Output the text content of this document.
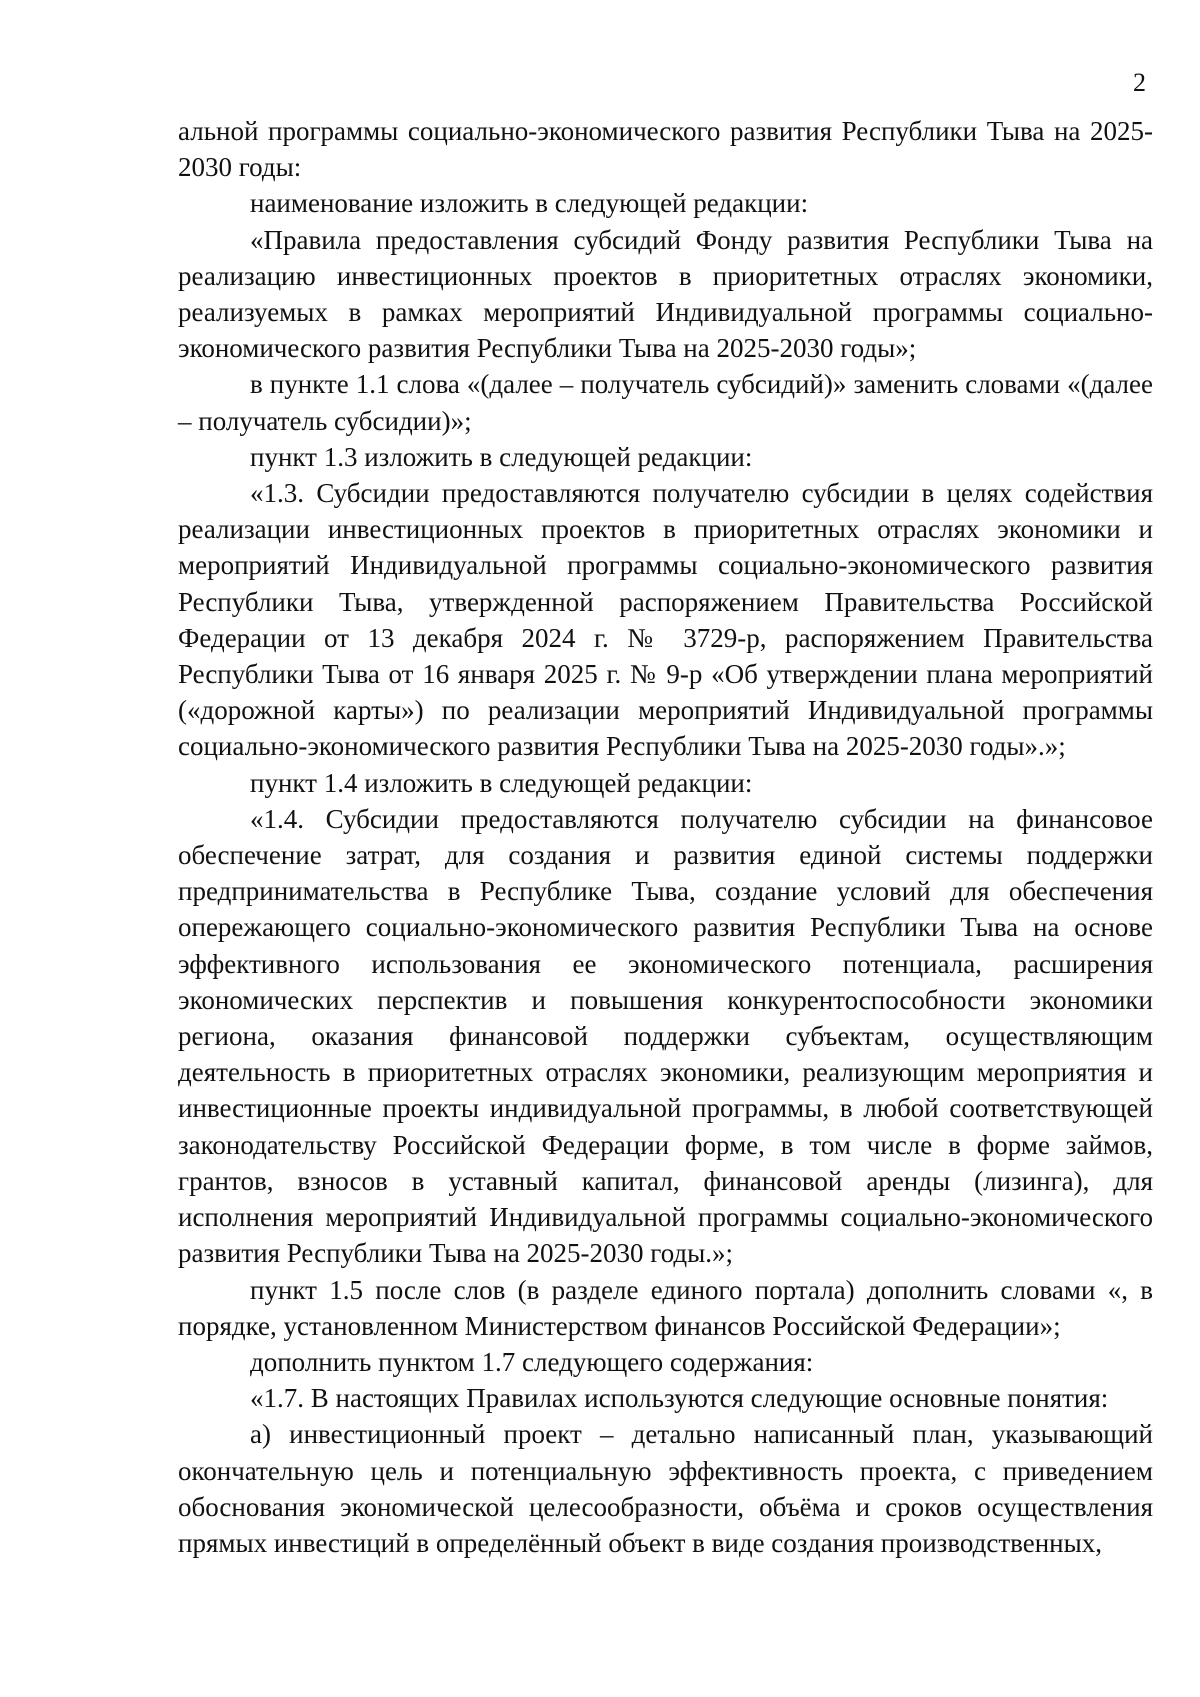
2

альной программы социально-экономического развития Республики Тыва на 2025-2030 годы:

наименование изложить в следующей редакции:

«Правила предоставления субсидий Фонду развития Республики Тыва на реализацию инвестиционных проектов в приоритетных отраслях экономики, реализуемых в рамках мероприятий Индивидуальной программы социально-экономического развития Республики Тыва на 2025-2030 годы»;

в пункте 1.1 слова «(далее – получатель субсидий)» заменить словами «(далее – получатель субсидии)»;

пункт 1.3 изложить в следующей редакции:

«1.3. Субсидии предоставляются получателю субсидии в целях содействия реализации инвестиционных проектов в приоритетных отраслях экономики и мероприятий Индивидуальной программы социально-экономического развития Республики Тыва, утвержденной распоряжением Правительства Российской Федерации от 13 декабря 2024 г. № 3729-р, распоряжением Правительства Республики Тыва от 16 января 2025 г. № 9-р «Об утверждении плана мероприятий («дорожной карты») по реализации мероприятий Индивидуальной программы социально-экономического развития Республики Тыва на 2025-2030 годы».»;

пункт 1.4 изложить в следующей редакции:

«1.4. Субсидии предоставляются получателю субсидии на финансовое обеспечение затрат, для создания и развития единой системы поддержки предпринимательства в Республике Тыва, создание условий для обеспечения опережающего социально-экономического развития Республики Тыва на основе эффективного использования ее экономического потенциала, расширения экономических перспектив и повышения конкурентоспособности экономики региона, оказания финансовой поддержки субъектам, осуществляющим деятельность в приоритетных отраслях экономики, реализующим мероприятия и инвестиционные проекты индивидуальной программы, в любой соответствующей законодательству Российской Федерации форме, в том числе в форме займов, грантов, взносов в уставный капитал, финансовой аренды (лизинга), для исполнения мероприятий Индивидуальной программы социально-экономического развития Республики Тыва на 2025-2030 годы.»;

пункт 1.5 после слов (в разделе единого портала) дополнить словами «, в порядке, установленном Министерством финансов Российской Федерации»;

дополнить пунктом 1.7 следующего содержания:

«1.7. В настоящих Правилах используются следующие основные понятия:

а) инвестиционный проект – детально написанный план, указывающий окончательную цель и потенциальную эффективность проекта, с приведением обоснования экономической целесообразности, объёма и сроков осуществления прямых инвестиций в определённый объект в виде создания производственных,
